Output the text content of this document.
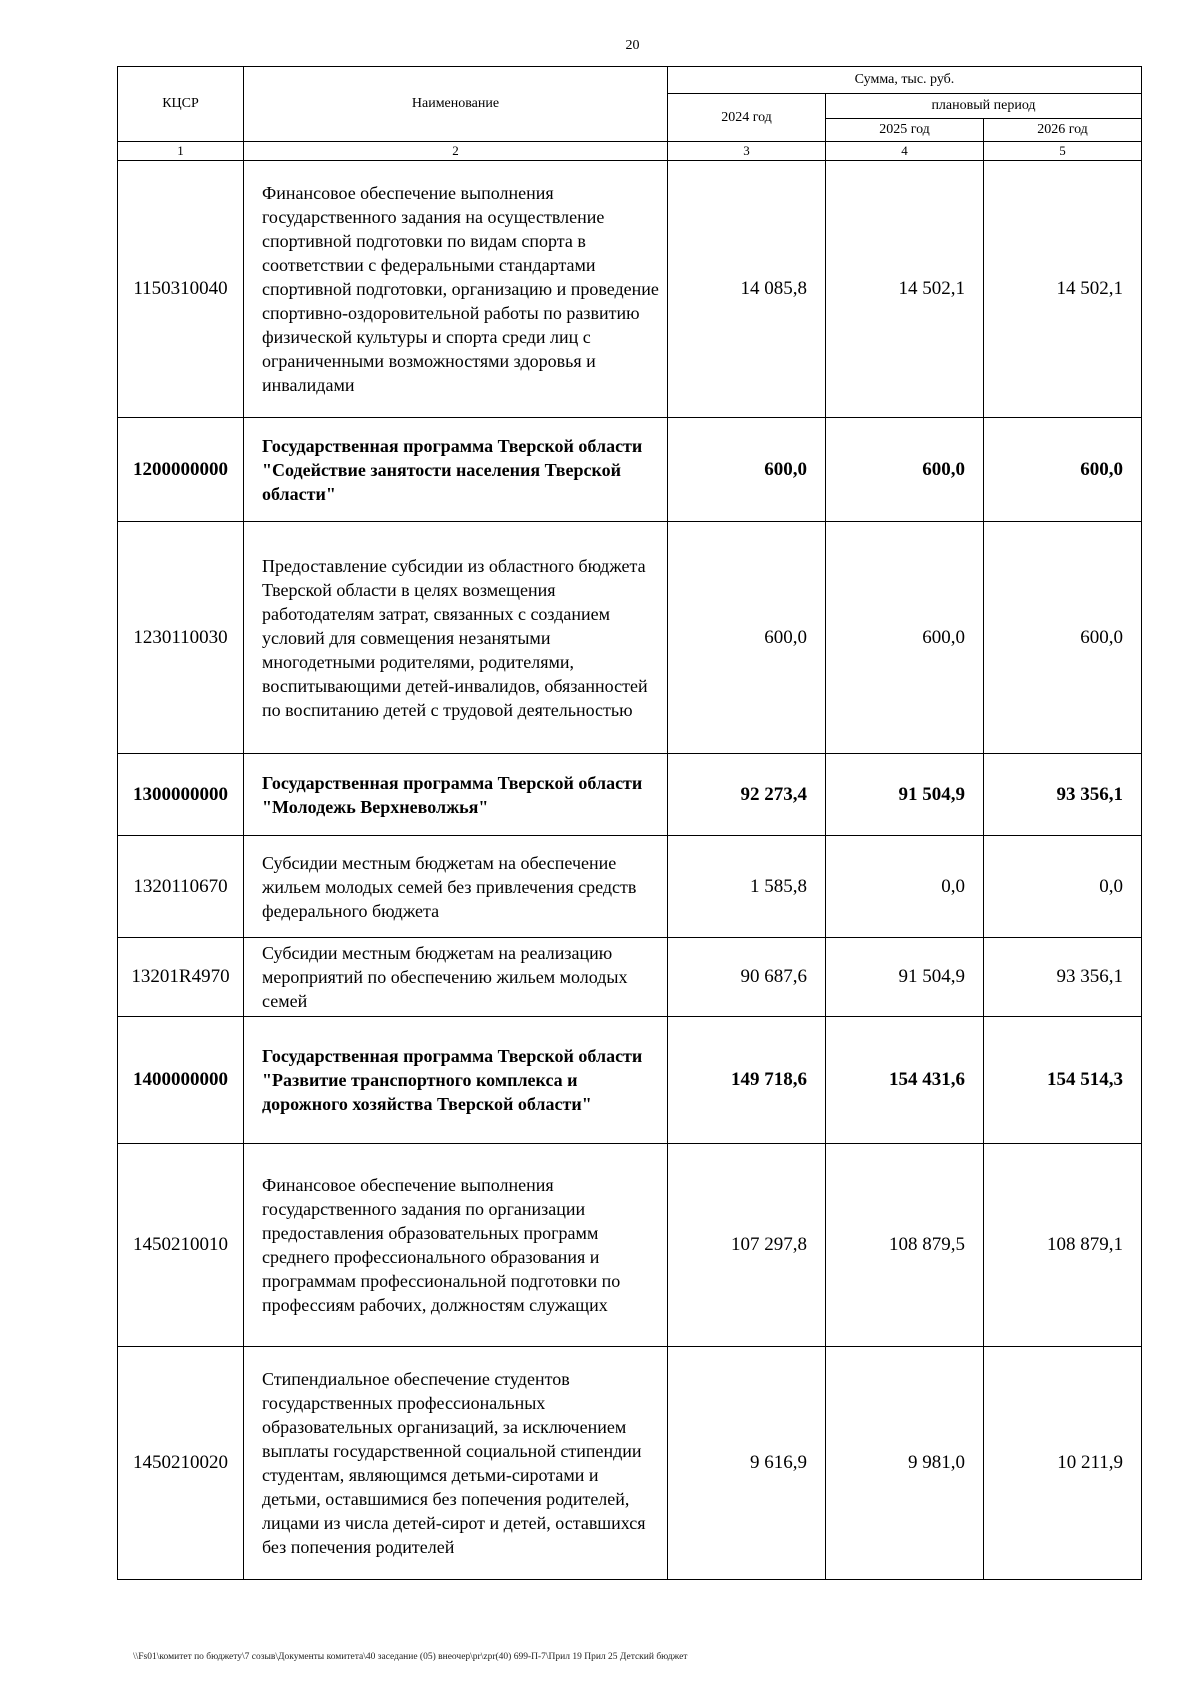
20
КЦСР	Наименование	Сумма, тыс. руб.		
		2024 год	плановый период	
			2025 год	2026 год
1	2	3	4	5
1150310040	Финансовое обеспечение выполнения государственного задания на осуществление спортивной подготовки по видам спорта в соответствии с федеральными стандартами спортивной подготовки, организацию и проведение спортивно-оздоровительной работы по развитию физической культуры и спорта среди лиц с ограниченными возможностями здоровья и инвалидами	14 085,8	14 502,1	14 502,1
1200000000	Государственная программа Тверской области "Содействие занятости населения Тверской области"	600,0	600,0	600,0
1230110030	Предоставление субсидии из областного бюджета Тверской области в целях возмещения работодателям затрат, связанных с созданием условий для совмещения незанятыми многодетными родителями, родителями, воспитывающими детей-инвалидов, обязанностей по воспитанию детей с трудовой деятельностью	600,0	600,0	600,0
1300000000	Государственная программа Тверской области "Молодежь Верхневолжья"	92 273,4	91 504,9	93 356,1
1320110670	Субсидии местным бюджетам на обеспечение жильем молодых семей без привлечения средств федерального бюджета	1 585,8	0,0	0,0
13201R4970	Субсидии местным бюджетам на реализацию мероприятий по обеспечению жильем молодых семей	90 687,6	91 504,9	93 356,1
1400000000	Государственная программа Тверской области "Развитие транспортного комплекса и дорожного хозяйства Тверской области"	149 718,6	154 431,6	154 514,3
1450210010	Финансовое обеспечение выполнения государственного задания по организации предоставления образовательных программ среднего профессионального образования и программам профессиональной подготовки по профессиям рабочих, должностям служащих	107 297,8	108 879,5	108 879,1
1450210020	Стипендиальное обеспечение студентов государственных профессиональных образовательных организаций, за исключением выплаты государственной социальной стипендии студентам, являющимся детьми-сиротами и детьми, оставшимися без попечения родителей, лицами из числа детей-сирот и детей, оставшихся без попечения родителей	9 616,9	9 981,0	10 211,9
\\Fs01\комитет по бюджету\7 созыв\Документы комитета\40 заседание (05) внеочер\pr\zpr(40) 699-П-7\Прил 19 Прил 25 Детский бюджет
